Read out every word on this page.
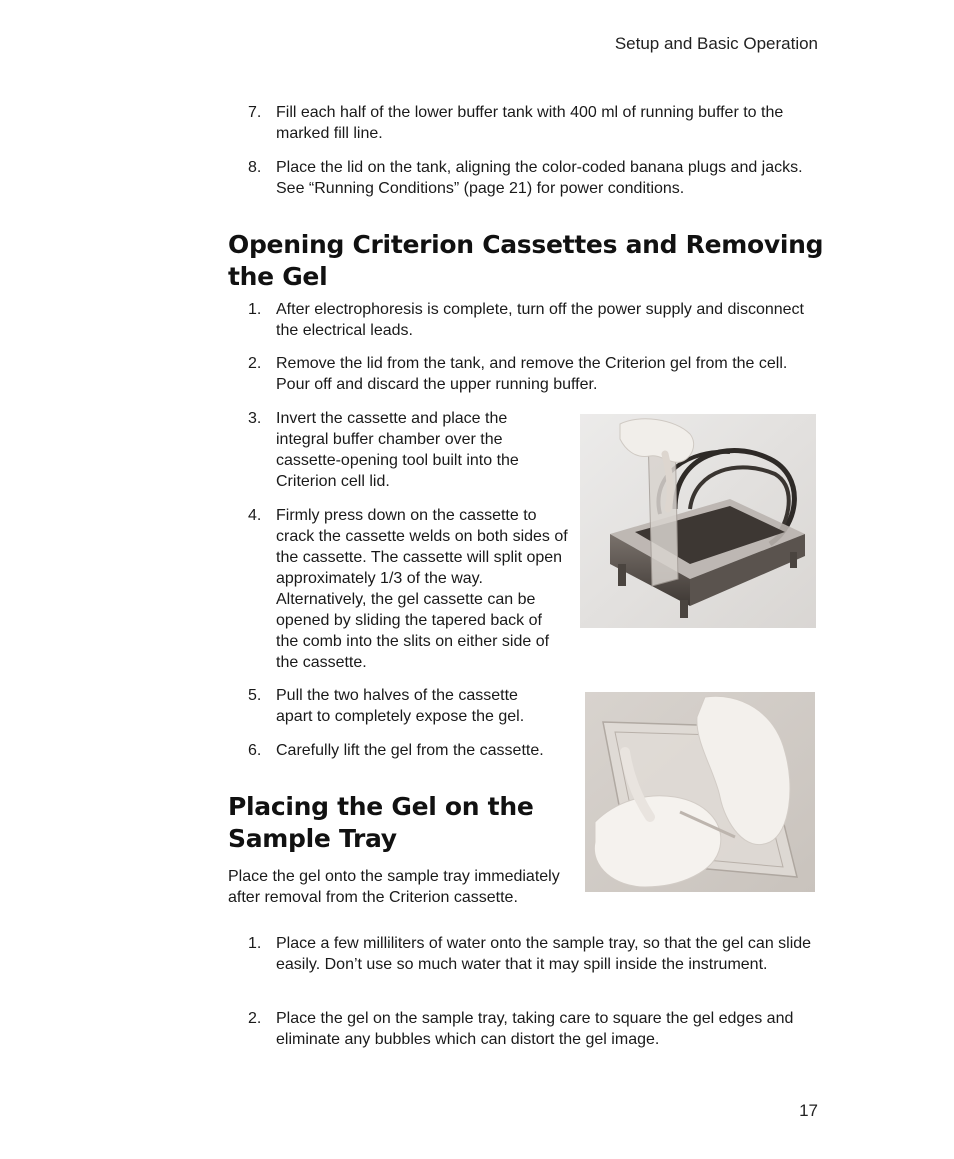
Setup and Basic Operation
7. Fill each half of the lower buffer tank with 400 ml of running buffer to the marked fill line.
8. Place the lid on the tank, aligning the color-coded banana plugs and jacks. See “Running Conditions” (page 21) for power conditions.
Opening Criterion Cassettes and Removing the Gel
1. After electrophoresis is complete, turn off the power supply and disconnect the electrical leads.
2. Remove the lid from the tank, and remove the Criterion gel from the cell. Pour off and discard the upper running buffer.
3. Invert the cassette and place the integral buffer chamber over the cassette-opening tool built into the Criterion cell lid.
4. Firmly press down on the cassette to crack the cassette welds on both sides of the cassette. The cassette will split open approximately 1/3 of the way. Alternatively, the gel cassette can be opened by sliding the tapered back of the comb into the slits on either side of the cassette.
5. Pull the two halves of the cassette apart to completely expose the gel.
6. Carefully lift the gel from the cassette.
Placing the Gel on the Sample Tray
Place the gel onto the sample tray immediately after removal from the Criterion cassette.
1. Place a few milliliters of water onto the sample tray, so that the gel can slide easily. Don’t use so much water that it may spill inside the instrument.
2. Place the gel on the sample tray, taking care to square the gel edges and eliminate any bubbles which can distort the gel image.
17
